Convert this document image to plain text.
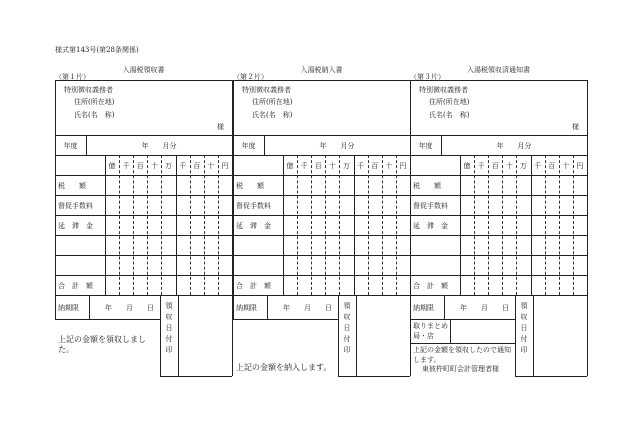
様式第143号(第28条関係)
入湯税領収書
（第１片）
特別徴収義務者
住所(所在地)
氏名(名　称)
様
年度	年　　月分
億	千	百	十	万	千	百	十	円
税　　額
督促手数料
延　滞　金
合　計　額
納期限	年　　月　　日	領収日付印
上記の金額を領収しました。
入湯税納入書
（第２片）
特別徴収義務者
住所(所在地)
氏名(名　称)
年度	年　　月分
億	千	百	十	万	千	百	十	円
税　　額
督促手数料
延　滞　金
合　計　額
納期限	年　　月　　日	領収日付印
上記の金額を納入します。
入湯税領収済通知書
（第３片）
特別徴収義務者
住所(所在地)
氏名(名　称)
様
年度	年　　月分
億	千	百	十	万	千	百	十	円
税　　額
督促手数料
延　滞　金
合　計　額
納期限	年　　月　　日	領収日付印
取りまとめ局・店
上記の金額を領収したので通知します。
東彼杵町町会計管理者様
